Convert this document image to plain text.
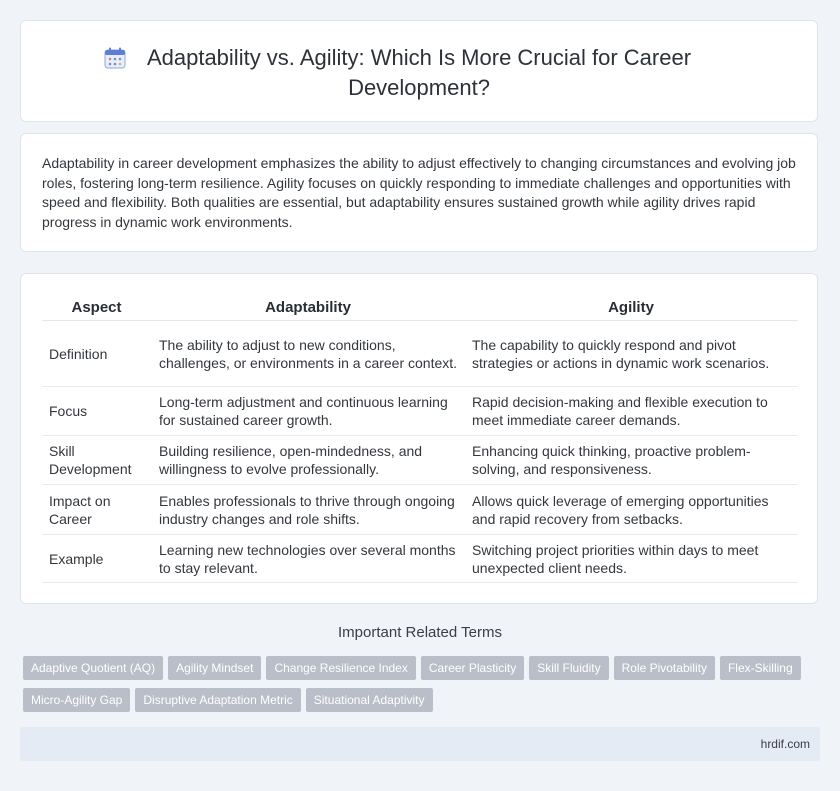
Adaptability vs. Agility: Which Is More Crucial for Career Development?

Adaptability in career development emphasizes the ability to adjust effectively to changing circumstances and evolving job roles, fostering long-term resilience. Agility focuses on quickly responding to immediate challenges and opportunities with speed and flexibility. Both qualities are essential, but adaptability ensures sustained growth while agility drives rapid progress in dynamic work environments.

Aspect	Adaptability	Agility
Definition	The ability to adjust to new conditions, challenges, or environments in a career context.	The capability to quickly respond and pivot strategies or actions in dynamic work scenarios.
Focus	Long-term adjustment and continuous learning for sustained career growth.	Rapid decision-making and flexible execution to meet immediate career demands.
Skill Development	Building resilience, open-mindedness, and willingness to evolve professionally.	Enhancing quick thinking, proactive problem-solving, and responsiveness.
Impact on Career	Enables professionals to thrive through ongoing industry changes and role shifts.	Allows quick leverage of emerging opportunities and rapid recovery from setbacks.
Example	Learning new technologies over several months to stay relevant.	Switching project priorities within days to meet unexpected client needs.
Important Related Terms
Adaptive Quotient (AQ) Agility Mindset Change Resilience Index Career Plasticity Skill Fluidity Role Pivotability Flex-Skilling
Micro-Agility Gap Disruptive Adaptation Metric Situational Adaptivity
hrdif.com
